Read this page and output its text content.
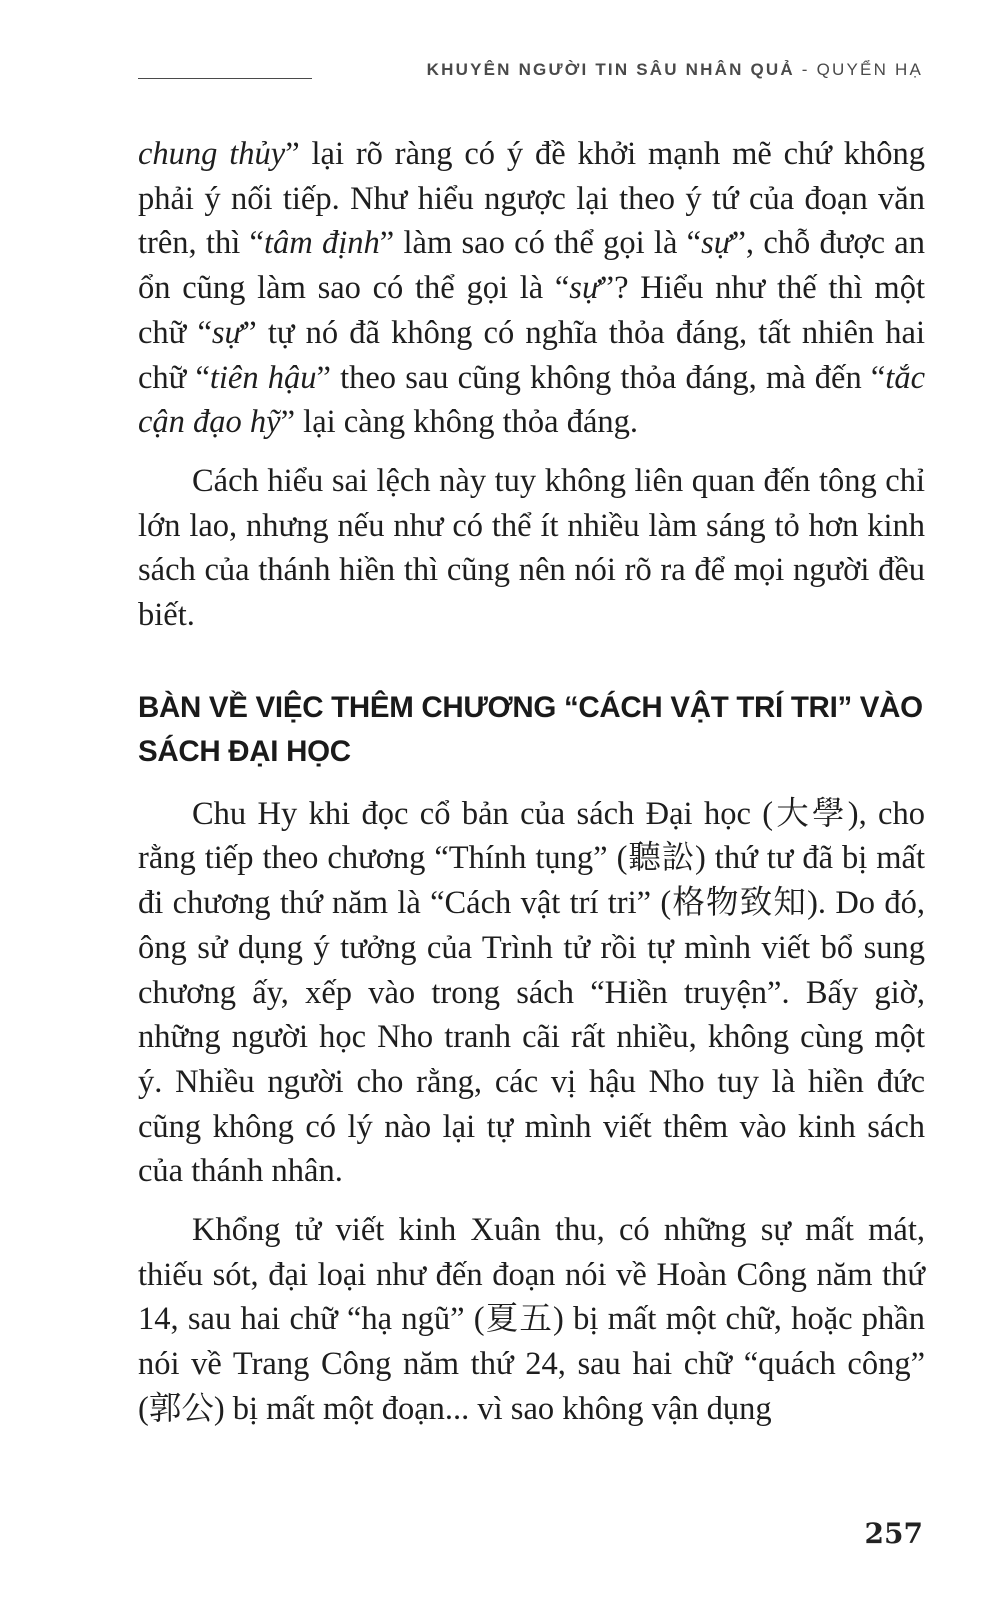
KHUYÊN NGƯỜI TIN SÂU NHÂN QUẢ - QUYỂN HẠ

chung thủy” lại rõ ràng có ý đề khởi mạnh mẽ chứ không phải ý nối tiếp. Như hiểu ngược lại theo ý tứ của đoạn văn trên, thì “tâm định” làm sao có thể gọi là “sự”, chỗ được an ổn cũng làm sao có thể gọi là “sự”? Hiểu như thế thì một chữ “sự” tự nó đã không có nghĩa thỏa đáng, tất nhiên hai chữ “tiên hậu” theo sau cũng không thỏa đáng, mà đến “tắc cận đạo hỹ” lại càng không thỏa đáng.

Cách hiểu sai lệch này tuy không liên quan đến tông chỉ lớn lao, nhưng nếu như có thể ít nhiều làm sáng tỏ hơn kinh sách của thánh hiền thì cũng nên nói rõ ra để mọi người đều biết.

BÀN VỀ VIỆC THÊM CHƯƠNG “CÁCH VẬT TRÍ TRI” VÀO SÁCH ĐẠI HỌC

Chu Hy khi đọc cổ bản của sách Đại học (大學), cho rằng tiếp theo chương “Thính tụng” (聽訟) thứ tư đã bị mất đi chương thứ năm là “Cách vật trí tri” (格物致知). Do đó, ông sử dụng ý tưởng của Trình tử rồi tự mình viết bổ sung chương ấy, xếp vào trong sách “Hiền truyện”. Bấy giờ, những người học Nho tranh cãi rất nhiều, không cùng một ý. Nhiều người cho rằng, các vị hậu Nho tuy là hiền đức cũng không có lý nào lại tự mình viết thêm vào kinh sách của thánh nhân.

Khổng tử viết kinh Xuân thu, có những sự mất mát, thiếu sót, đại loại như đến đoạn nói về Hoàn Công năm thứ 14, sau hai chữ “hạ ngũ” (夏五) bị mất một chữ, hoặc phần nói về Trang Công năm thứ 24, sau hai chữ “quách công” (郭公) bị mất một đoạn... vì sao không vận dụng

257
